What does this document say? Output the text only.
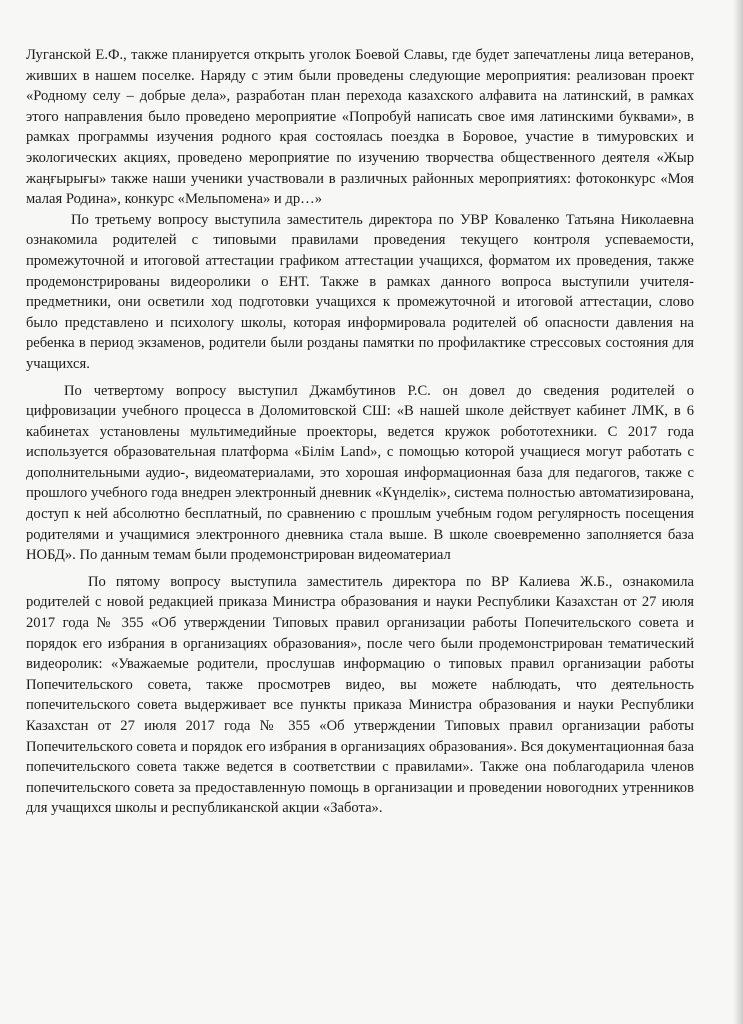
Луганской Е.Ф., также планируется открыть уголок Боевой Славы, где будет запечатлены лица ветеранов, живших в нашем поселке. Наряду с этим были проведены следующие мероприятия: реализован проект «Родному селу – добрые дела», разработан план перехода казахского алфавита на латинский, в рамках этого направления было проведено мероприятие «Попробуй написать свое имя латинскими буквами», в рамках программы изучения родного края состоялась поездка в Боровое, участие в тимуровских и экологических акциях, проведено мероприятие по изучению творчества общественного деятеля «Жыр жаңғырығы» также наши ученики участвовали в различных районных мероприятиях: фотоконкурс «Моя малая Родина», конкурс «Мельпомена» и др…»

По третьему вопросу выступила заместитель директора по УВР Коваленко Татьяна Николаевна ознакомила родителей с типовыми правилами проведения текущего контроля успеваемости, промежуточной и итоговой аттестации графиком аттестации учащихся, форматом их проведения, также продемонстрированы видеоролики о ЕНТ. Также в рамках данного вопроса выступили учителя-предметники, они осветили ход подготовки учащихся к промежуточной и итоговой аттестации, слово было представлено и психологу школы, которая информировала родителей об опасности давления на ребенка в период экзаменов, родители были розданы памятки по профилактике стрессовых состояния для учащихся.

По четвертому вопросу выступил Джамбутинов Р.С. он довел до сведения родителей о цифровизации учебного процесса в Доломитовской СШ: «В нашей школе действует кабинет ЛМК, в 6 кабинетах установлены мультимедийные проекторы, ведется кружок робототехники. С 2017 года используется образовательная платформа «Білім Land», с помощью которой учащиеся могут работать с дополнительными аудио-, видеоматериалами, это хорошая информационная база для педагогов, также с прошлого учебного года внедрен электронный дневник «Күнделік», система полностью автоматизирована, доступ к ней абсолютно бесплатный, по сравнению с прошлым учебным годом регулярность посещения родителями и учащимися электронного дневника стала выше. В школе своевременно заполняется база НОБД». По данным темам были продемонстрирован видеоматериал

По пятому вопросу выступила заместитель директора по ВР Калиева Ж.Б., ознакомила родителей с новой редакцией приказа Министра образования и науки Республики Казахстан от 27 июля 2017 года № 355 «Об утверждении Типовых правил организации работы Попечительского совета и порядок его избрания в организациях образования», после чего были продемонстрирован тематический видеоролик: «Уважаемые родители, прослушав информацию о типовых правил организации работы Попечительского совета, также просмотрев видео, вы можете наблюдать, что деятельность попечительского совета выдерживает все пункты приказа Министра образования и науки Республики Казахстан от 27 июля 2017 года № 355 «Об утверждении Типовых правил организации работы Попечительского совета и порядок его избрания в организациях образования». Вся документационная база попечительского совета также ведется в соответствии с правилами». Также она поблагодарила членов попечительского совета за предоставленную помощь в организации и проведении новогодних утренников для учащихся школы и республиканской акции «Забота».
